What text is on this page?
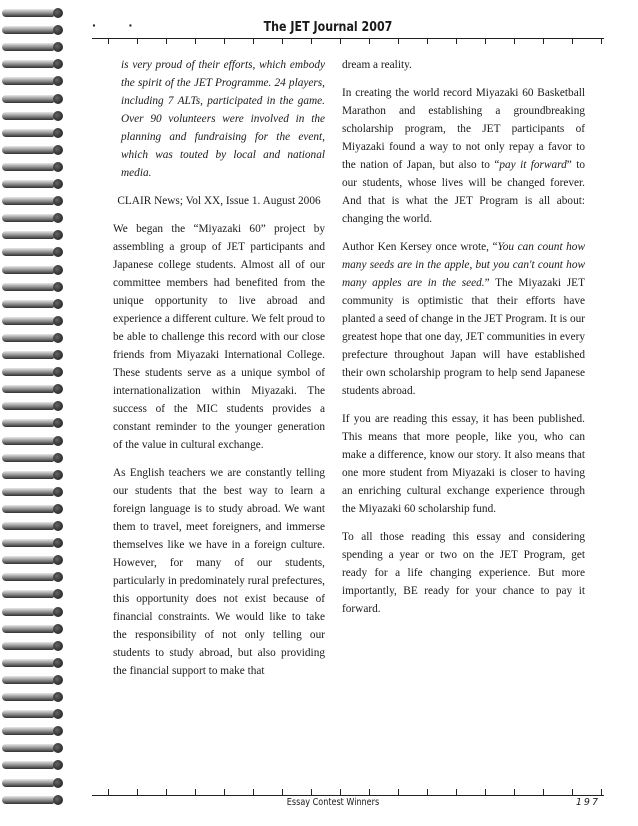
· ·	The JET Journal 2007

is very proud of their efforts, which embody the spirit of the JET Programme. 24 players, including 7 ALTs, participated in the game. Over 90 volunteers were involved in the planning and fundraising for the event, which was touted by local and national media.

CLAIR News; Vol XX, Issue 1. August 2006

We began the “Miyazaki 60” project by assembling a group of JET participants and Japanese college students. Almost all of our committee members had benefited from the unique opportunity to live abroad and experience a different culture. We felt proud to be able to challenge this record with our close friends from Miyazaki International College. These students serve as a unique symbol of internationalization within Miyazaki. The success of the MIC students provides a constant reminder to the younger generation of the value in cultural exchange.

As English teachers we are constantly telling our students that the best way to learn a foreign language is to study abroad. We want them to travel, meet foreigners, and immerse themselves like we have in a foreign culture. However, for many of our students, particularly in predominately rural prefectures, this opportunity does not exist because of financial constraints. We would like to take the responsibility of not only telling our students to study abroad, but also providing the financial support to make that

dream a reality.

In creating the world record Miyazaki 60 Basketball Marathon and establishing a groundbreaking scholarship program, the JET participants of Miyazaki found a way to not only repay a favor to the nation of Japan, but also to “pay it forward” to our students, whose lives will be changed forever. And that is what the JET Program is all about: changing the world.

Author Ken Kersey once wrote, “You can count how many seeds are in the apple, but you can't count how many apples are in the seed.” The Miyazaki JET community is optimistic that their efforts have planted a seed of change in the JET Program. It is our greatest hope that one day, JET communities in every prefecture throughout Japan will have established their own scholarship program to help send Japanese students abroad.

If you are reading this essay, it has been published. This means that more people, like you, who can make a difference, know our story. It also means that one more student from Miyazaki is closer to having an enriching cultural exchange experience through the Miyazaki 60 scholarship fund.

To all those reading this essay and considering spending a year or two on the JET Program, get ready for a life changing experience. But more importantly, BE ready for your chance to pay it forward.

Essay Contest Winners	197
